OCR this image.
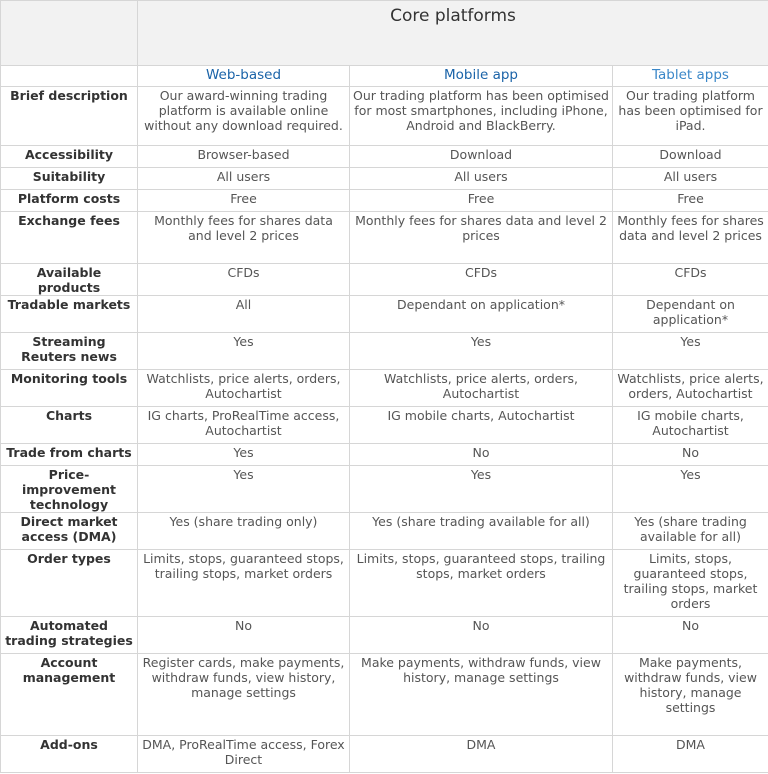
	Core platforms		
	Web-based	Mobile app	Tablet apps
Brief description	Our award-winning trading platform is available online without any download required.	Our trading platform has been optimised for most smartphones, including iPhone, Android and BlackBerry.	Our trading platform has been optimised for iPad.
Accessibility	Browser-based	Download	Download
Suitability	All users	All users	All users
Platform costs	Free	Free	Free
Exchange fees	Monthly fees for shares data and level 2 prices	Monthly fees for shares data and level 2 prices	Monthly fees for shares data and level 2 prices
Available products	CFDs	CFDs	CFDs
Tradable markets	All	Dependant on application*	Dependant on application*
Streaming Reuters news	Yes	Yes	Yes
Monitoring tools	Watchlists, price alerts, orders, Autochartist	Watchlists, price alerts, orders, Autochartist	Watchlists, price alerts, orders, Autochartist
Charts	IG charts, ProRealTime access, Autochartist	IG mobile charts, Autochartist	IG mobile charts, Autochartist
Trade from charts	Yes	No	No
Price-improvement technology	Yes	Yes	Yes
Direct market access (DMA)	Yes (share trading only)	Yes (share trading available for all)	Yes (share trading available for all)
Order types	Limits, stops, guaranteed stops, trailing stops, market orders	Limits, stops, guaranteed stops, trailing stops, market orders	Limits, stops, guaranteed stops, trailing stops, market orders
Automated trading strategies	No	No	No
Account management	Register cards, make payments, withdraw funds, view history, manage settings	Make payments, withdraw funds, view history, manage settings	Make payments, withdraw funds, view history, manage settings
Add-ons	DMA, ProRealTime access, Forex Direct	DMA	DMA
